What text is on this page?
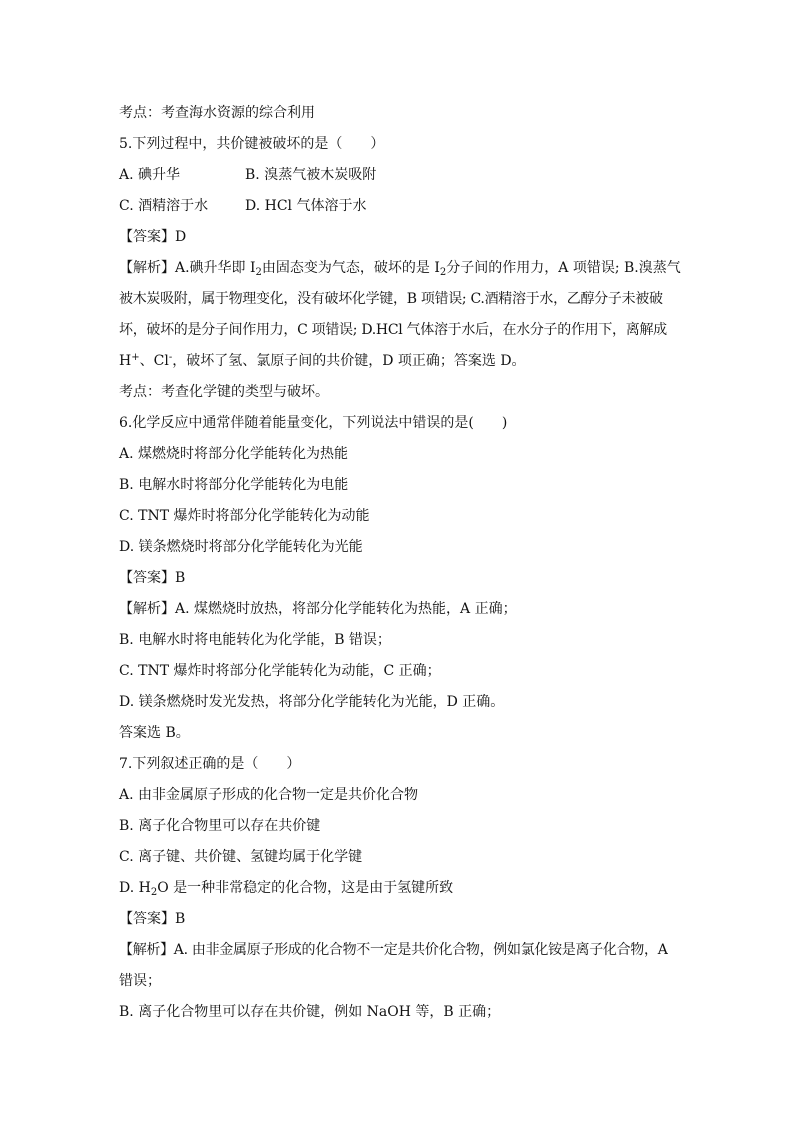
考点：考查海水资源的综合利用
5.下列过程中，共价键被破坏的是（　　）
A. 碘升华	B. 溴蒸气被木炭吸附
C. 酒精溶于水	D. HCl 气体溶于水
【答案】D
【解析】A.碘升华即 $I_2$由固态变为气态，破坏的是 $I_2$分子间的作用力，A 项错误; B.溴蒸气
被木炭吸附，属于物理变化，没有破坏化学键，B 项错误; C.酒精溶于水，乙醇分子未被破
坏，破坏的是分子间作用力，C 项错误; D.HCl 气体溶于水后，在水分子的作用下，离解成
H+、Cl-，破坏了氢、氯原子间的共价键，D 项正确；答案选 D。
考点：考查化学键的类型与破坏。
6.化学反应中通常伴随着能量变化，下列说法中错误的是(　　)
A. 煤燃烧时将部分化学能转化为热能
B. 电解水时将部分化学能转化为电能
C. TNT 爆炸时将部分化学能转化为动能
D. 镁条燃烧时将部分化学能转化为光能
【答案】B
【解析】A. 煤燃烧时放热，将部分化学能转化为热能，A 正确；
B. 电解水时将电能转化为化学能，B 错误；
C. TNT 爆炸时将部分化学能转化为动能，C 正确；
D. 镁条燃烧时发光发热，将部分化学能转化为光能，D 正确。
答案选 B。
7.下列叙述正确的是（　　）
A. 由非金属原子形成的化合物一定是共价化合物
B. 离子化合物里可以存在共价键
C. 离子键、共价键、氢键均属于化学键
D. $H_2O$ 是一种非常稳定的化合物，这是由于氢键所致
【答案】B
【解析】A. 由非金属原子形成的化合物不一定是共价化合物，例如氯化铵是离子化合物，A
错误；
B. 离子化合物里可以存在共价键，例如 NaOH 等，B 正确；
